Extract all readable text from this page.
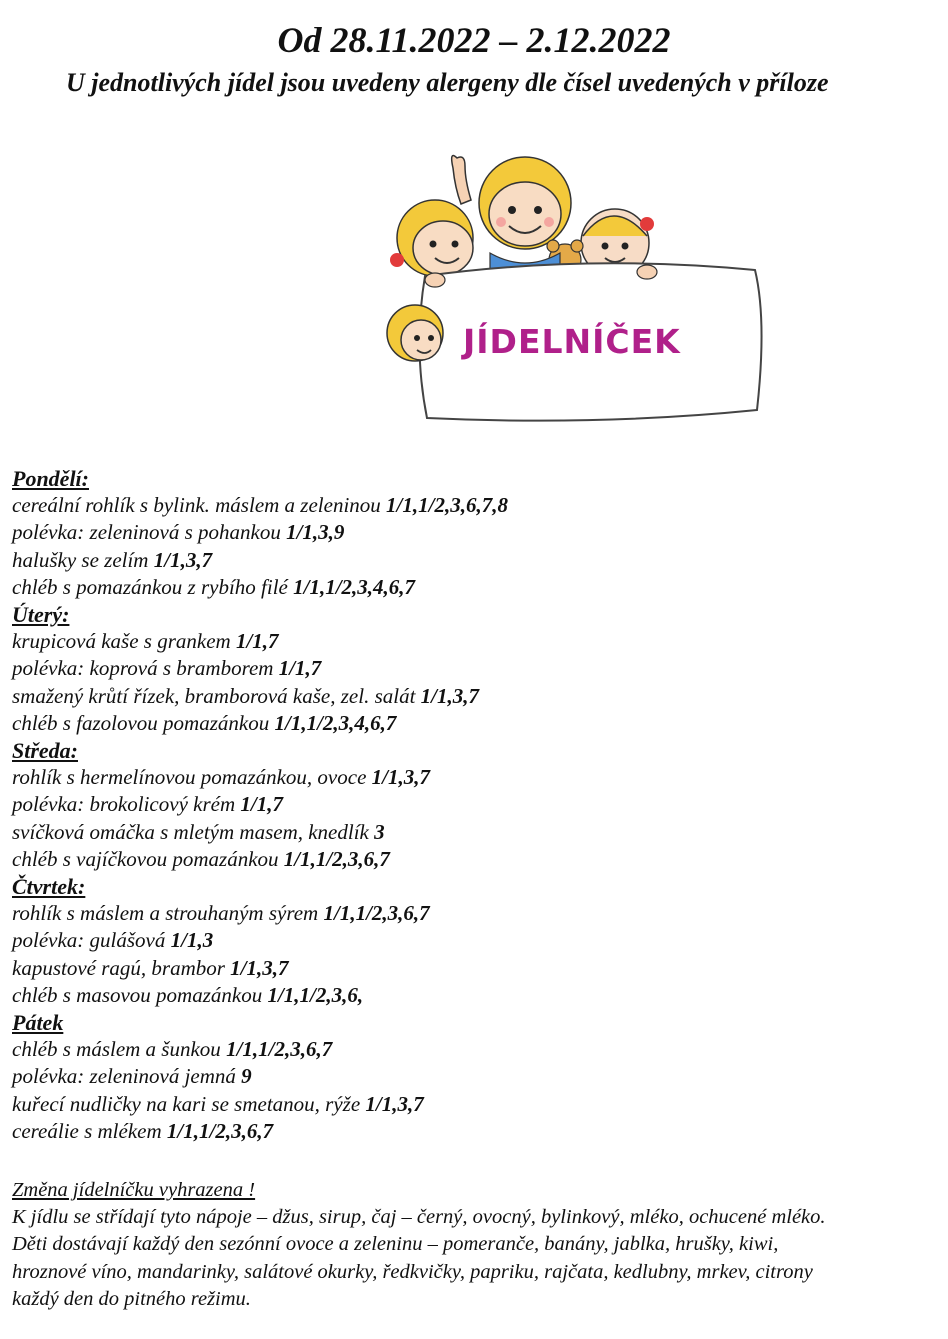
Od 28.11.2022 – 2.12.2022
U jednotlivých jídel jsou uvedeny alergeny dle čísel uvedených v příloze
JÍDELNÍČEK
Pondělí:
cereální rohlík s bylink. máslem a zeleninou 1/1,1/2,3,6,7,8
polévka: zeleninová s pohankou 1/1,3,9
halušky se zelím 1/1,3,7
chléb s pomazánkou z rybího filé 1/1,1/2,3,4,6,7
Úterý:
krupicová kaše s grankem 1/1,7
polévka: koprová s bramborem 1/1,7
smažený krůtí řízek, bramborová kaše, zel. salát 1/1,3,7
chléb s fazolovou pomazánkou 1/1,1/2,3,4,6,7
Středa:
rohlík s hermelínovou pomazánkou, ovoce 1/1,3,7
polévka: brokolicový krém 1/1,7
svíčková omáčka s mletým masem, knedlík 3
chléb s vajíčkovou pomazánkou 1/1,1/2,3,6,7
Čtvrtek:
rohlík s máslem a strouhaným sýrem 1/1,1/2,3,6,7
polévka: gulášová 1/1,3
kapustové ragú, brambor 1/1,3,7
chléb s masovou pomazánkou 1/1,1/2,3,6,
Pátek
chléb s máslem a šunkou 1/1,1/2,3,6,7
polévka: zeleninová jemná 9
kuřecí nudličky na kari se smetanou, rýže 1/1,3,7
cereálie s mlékem 1/1,1/2,3,6,7
Změna jídelníčku vyhrazena !
K jídlu se střídají tyto nápoje – džus, sirup, čaj – černý, ovocný, bylinkový, mléko, ochucené mléko.
Děti dostávají každý den sezónní ovoce a zeleninu – pomeranče, banány, jablka, hrušky, kiwi,
hroznové víno, mandarinky, salátové okurky, ředkvičky, papriku, rajčata, kedlubny, mrkev, citrony
každý den do pitného režimu.
